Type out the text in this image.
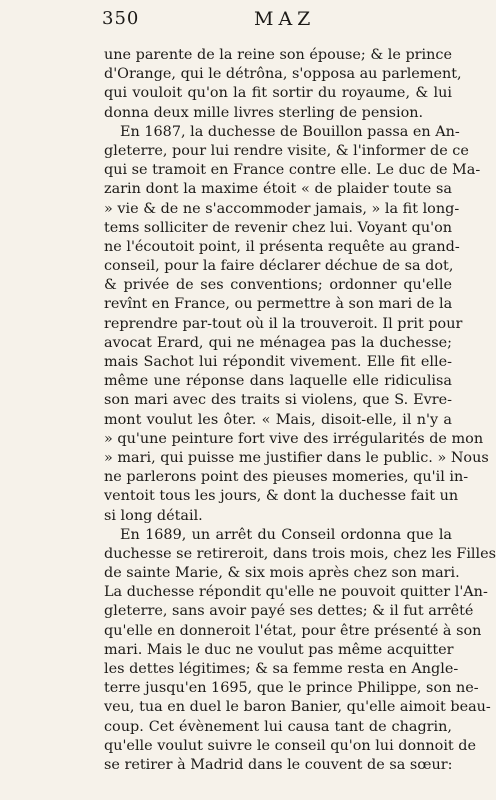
350	MAZ
une parente de la reine son épouse; & le prince
d'Orange, qui le détrôna, s'opposa au parlement,
qui vouloit qu'on la fit sortir du royaume, & lui
donna deux mille livres sterling de pension.
En 1687, la duchesse de Bouillon passa en An-
gleterre, pour lui rendre visite, & l'informer de ce
qui se tramoit en France contre elle. Le duc de Ma-
zarin dont la maxime étoit « de plaider toute sa
» vie & de ne s'accommoder jamais, » la fit long-
tems solliciter de revenir chez lui. Voyant qu'on
ne l'écoutoit point, il présenta requête au grand-
conseil, pour la faire déclarer déchue de sa dot,
& privée de ses conventions; ordonner qu'elle
revînt en France, ou permettre à son mari de la
reprendre par-tout où il la trouveroit. Il prit pour
avocat Erard, qui ne ménagea pas la duchesse;
mais Sachot lui répondit vivement. Elle fit elle-
même une réponse dans laquelle elle ridiculisa
son mari avec des traits si violens, que S. Evre-
mont voulut les ôter. « Mais, disoit-elle, il n'y a
» qu'une peinture fort vive des irrégularités de mon
» mari, qui puisse me justifier dans le public. » Nous
ne parlerons point des pieuses momeries, qu'il in-
ventoit tous les jours, & dont la duchesse fait un
si long détail.
En 1689, un arrêt du Conseil ordonna que la
duchesse se retireroit, dans trois mois, chez les Filles
de sainte Marie, & six mois après chez son mari.
La duchesse répondit qu'elle ne pouvoit quitter l'An-
gleterre, sans avoir payé ses dettes; & il fut arrêté
qu'elle en donneroit l'état, pour être présenté à son
mari. Mais le duc ne voulut pas même acquitter
les dettes légitimes; & sa femme resta en Angle-
terre jusqu'en 1695, que le prince Philippe, son ne-
veu, tua en duel le baron Banier, qu'elle aimoit beau-
coup. Cet évènement lui causa tant de chagrin,
qu'elle voulut suivre le conseil qu'on lui donnoit de
se retirer à Madrid dans le couvent de sa sœur:
